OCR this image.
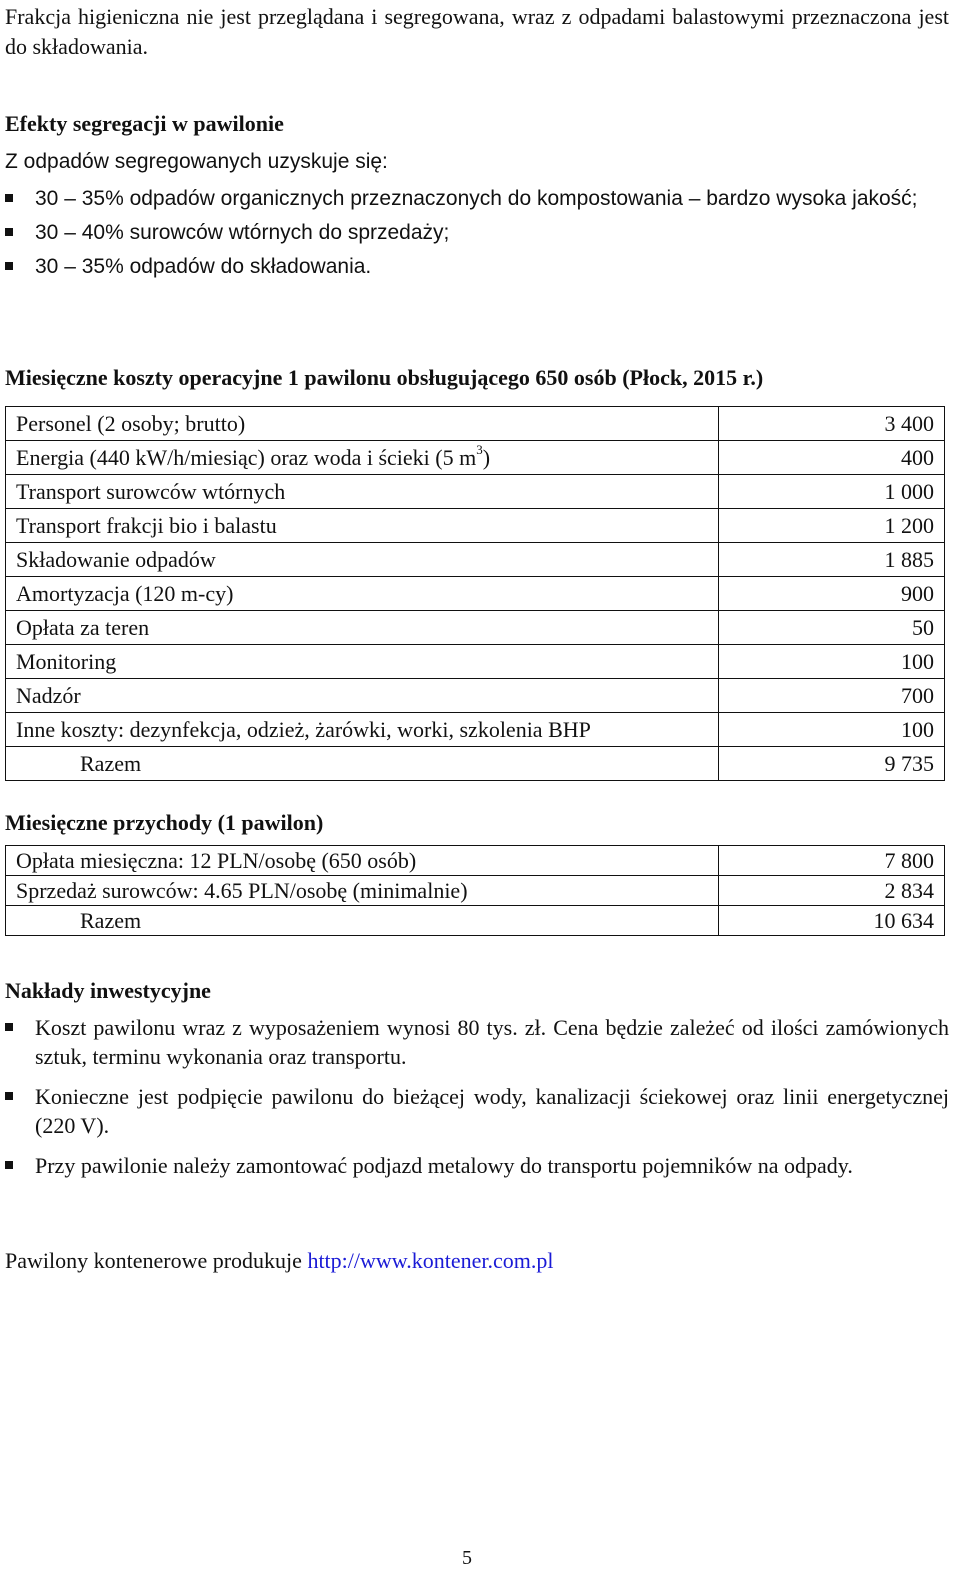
Frakcja higieniczna nie jest przeglądana i segregowana, wraz z odpadami balastowymi przeznaczona jest do składowania.

Efekty segregacji w pawilonie

Z odpadów segregowanych uzyskuje się:

30 – 35% odpadów organicznych przeznaczonych do kompostowania – bardzo wysoka jakość;
30 – 40% surowców wtórnych do sprzedaży;
30 – 35% odpadów do składowania.

Miesięczne koszty operacyjne 1 pawilonu obsługującego 650 osób (Płock, 2015 r.)

Personel (2 osoby; brutto)	3 400
Energia (440 kW/h/miesiąc) oraz woda i ścieki (5 $m^3$)	400
Transport surowców wtórnych	1 000
Transport frakcji bio i balastu	1 200
Składowanie odpadów	1 885
Amortyzacja (120 m-cy)	900
Opłata za teren	50
Monitoring	100
Nadzór	700
Inne koszty: dezynfekcja, odzież, żarówki, worki, szkolenia BHP	100
Razem	9 735

Miesięczne przychody (1 pawilon)

Opłata miesięczna: 12 PLN/osobę (650 osób)	7 800
Sprzedaż surowców: 4.65 PLN/osobę (minimalnie)	2 834
Razem	10 634

Nakłady inwestycyjne

Koszt pawilonu wraz z wyposażeniem wynosi 80 tys. zł. Cena będzie zależeć od ilości zamówionych sztuk, terminu wykonania oraz transportu.
Konieczne jest podpięcie pawilonu do bieżącej wody, kanalizacji ściekowej oraz linii energetycznej (220 V).
Przy pawilonie należy zamontować podjazd metalowy do transportu pojemników na odpady.

Pawilony kontenerowe produkuje http://www.kontener.com.pl

5
